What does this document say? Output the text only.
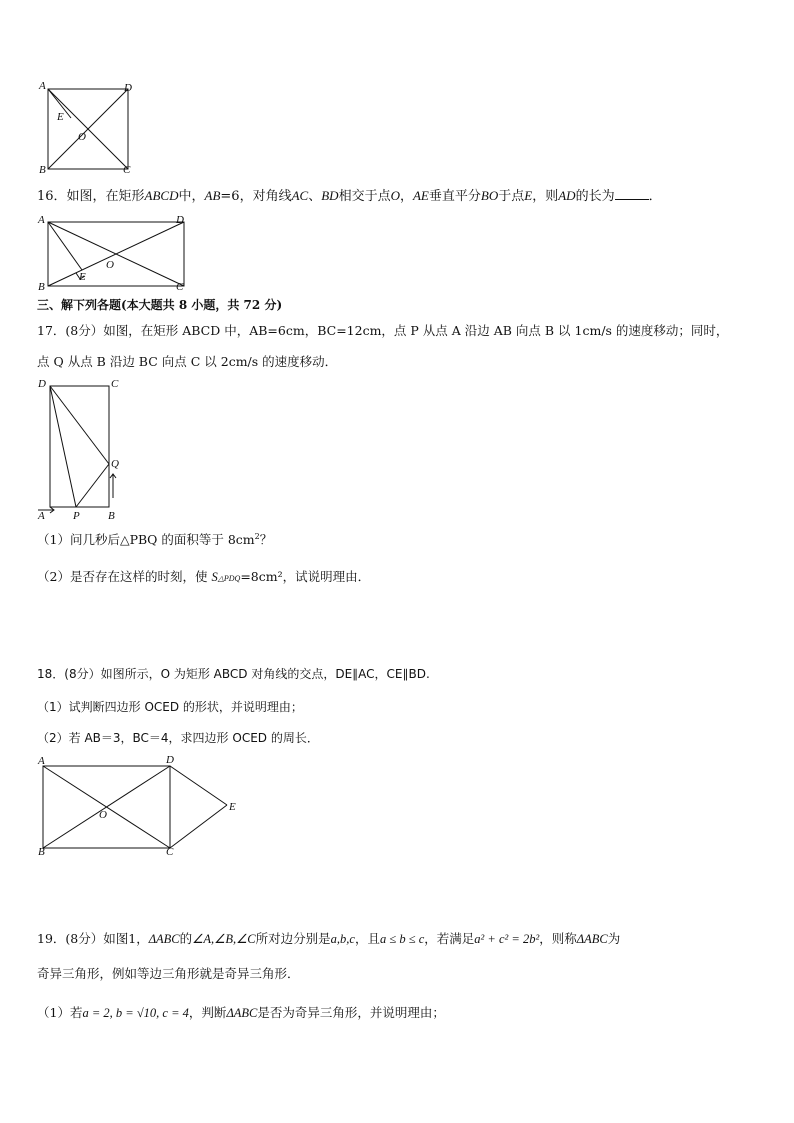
A	D
B	C
E
O
16．如图，在矩形ABCD中，AB=6，对角线AC、BD相交于点O，AE垂直平分BO于点E，则AD的长为	．
A	D
B	C
E
O
三、解下列各题(本大题共 8 小题，共 72 分)
17．(8分）如图，在矩形 ABCD 中，AB=6cm，BC=12cm，点 P 从点 A 沿边 AB 向点 B 以 1cm/s 的速度移动；同时，
点 Q 从点 B 沿边 BC 向点 C 以 2cm/s 的速度移动．
D	C
A	P	B
Q
（1）问几秒后△PBQ 的面积等于 $8cm^2$？
（2）是否存在这样的时刻，使 S△PDQ=8cm²，试说明理由．
18．(8分）如图所示，O 为矩形 ABCD 对角线的交点，DE∥AC，CE∥BD.
（1）试判断四边形 OCED 的形状，并说明理由；
（2）若 AB＝3，BC＝4，求四边形 OCED 的周长．
A	D
B	C
E
O
19．(8分）如图1，ΔABC的∠A,∠B,∠C所对边分别是a,b,c，且a ≤ b ≤ c，若满足a² + c² = 2b²，则称ΔABC为
奇异三角形，例如等边三角形就是奇异三角形．
（1）若a = 2, b = √10, c = 4，判断ΔABC是否为奇异三角形，并说明理由；
